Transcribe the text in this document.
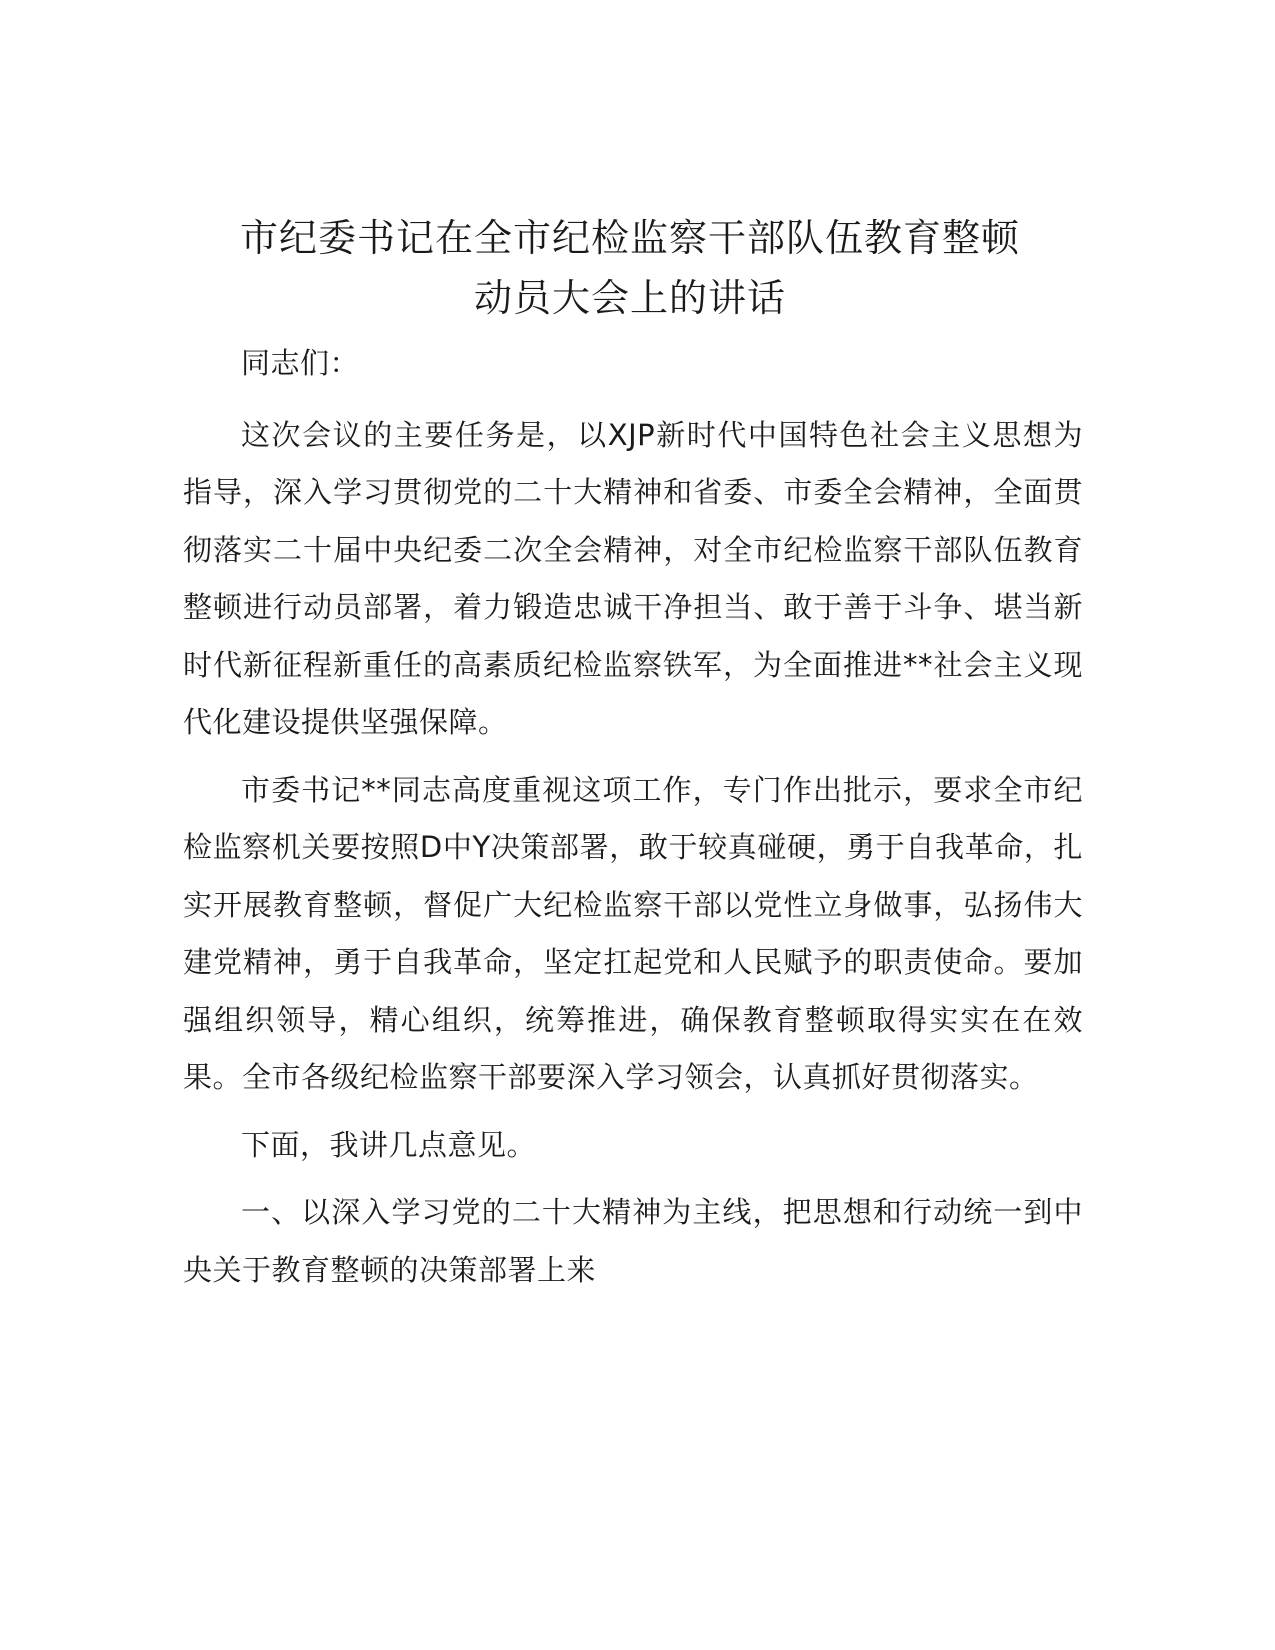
市纪委书记在全市纪检监察干部队伍教育整顿
动员大会上的讲话

同志们：

这次会议的主要任务是，以XJP新时代中国特色社会主义思想为指导，深入学习贯彻党的二十大精神和省委、市委全会精神，全面贯彻落实二十届中央纪委二次全会精神，对全市纪检监察干部队伍教育整顿进行动员部署，着力锻造忠诚干净担当、敢于善于斗争、堪当新时代新征程新重任的高素质纪检监察铁军，为全面推进**社会主义现代化建设提供坚强保障。

市委书记**同志高度重视这项工作，专门作出批示，要求全市纪检监察机关要按照D中Y决策部署，敢于较真碰硬，勇于自我革命，扎实开展教育整顿，督促广大纪检监察干部以党性立身做事，弘扬伟大建党精神，勇于自我革命，坚定扛起党和人民赋予的职责使命。要加强组织领导，精心组织，统筹推进，确保教育整顿取得实实在在效果。全市各级纪检监察干部要深入学习领会，认真抓好贯彻落实。

下面，我讲几点意见。

一、以深入学习党的二十大精神为主线，把思想和行动统一到中央关于教育整顿的决策部署上来
